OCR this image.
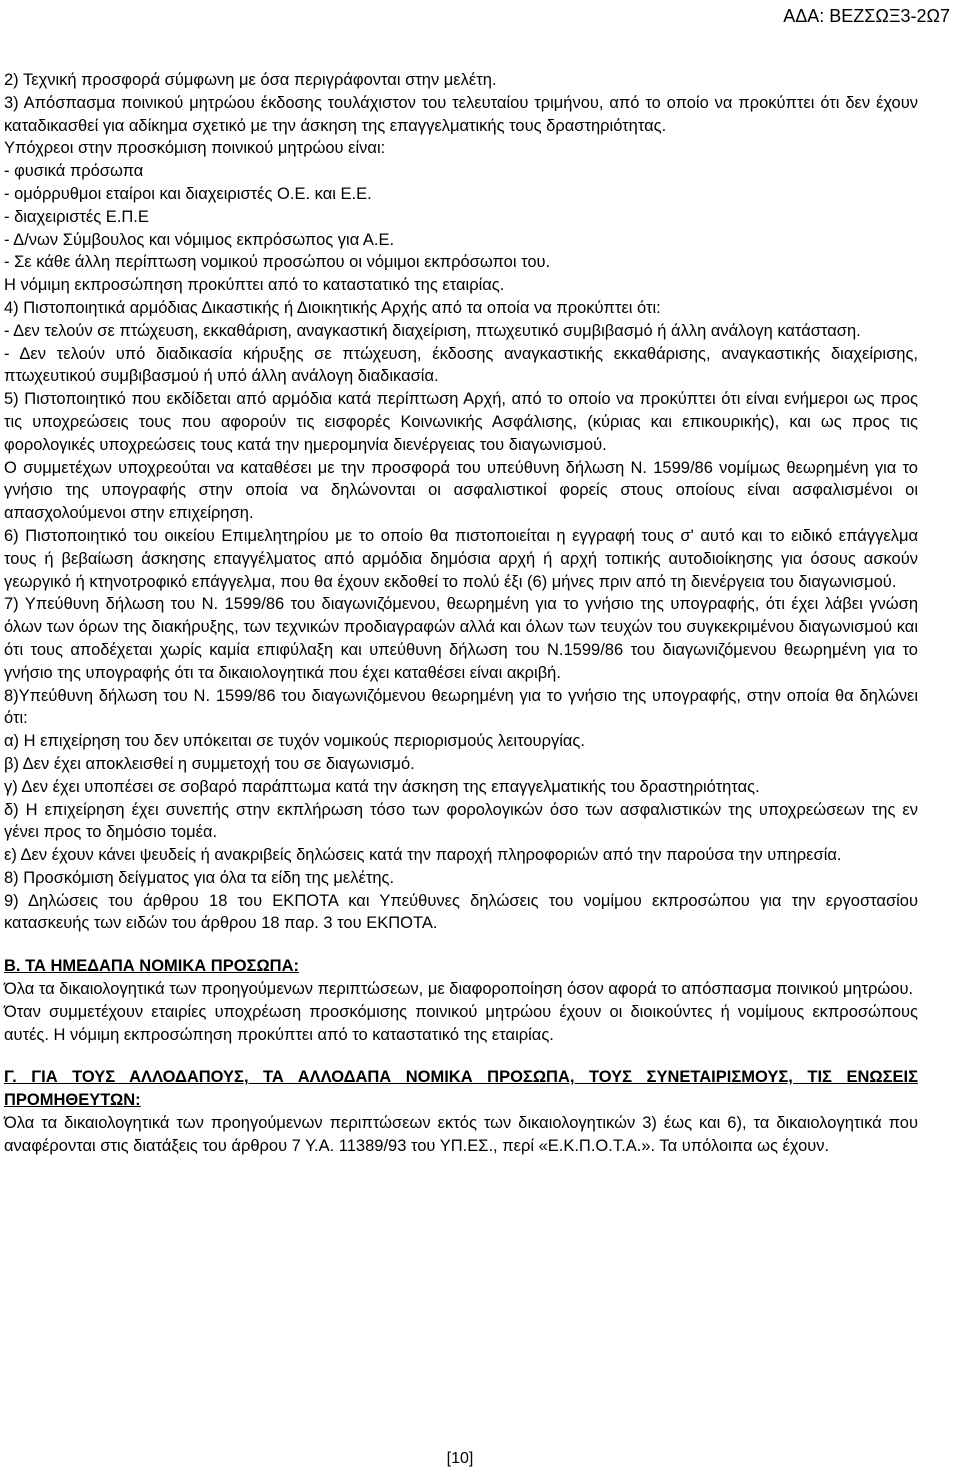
ΑΔΑ: ΒΕΖΣΩΞ3-2Ω7

2) Τεχνική προσφορά σύμφωνη με όσα περιγράφονται στην μελέτη.

3) Απόσπασμα ποινικού μητρώου έκδοσης τουλάχιστον του τελευταίου τριμήνου, από το οποίο να προκύπτει ότι δεν έχουν καταδικασθεί για αδίκημα σχετικό με την άσκηση της επαγγελματικής τους δραστηριότητας.

Υπόχρεοι στην προσκόμιση ποινικού μητρώου είναι:

- φυσικά πρόσωπα

- ομόρρυθμοι εταίροι και διαχειριστές Ο.Ε. και Ε.Ε.

- διαχειριστές Ε.Π.Ε

- Δ/νων Σύμβουλος και νόμιμος εκπρόσωπος για Α.Ε.

- Σε κάθε άλλη περίπτωση νομικού προσώπου οι νόμιμοι εκπρόσωποι του.

Η νόμιμη εκπροσώπηση προκύπτει από το καταστατικό της εταιρίας.

4) Πιστοποιητικά αρμόδιας Δικαστικής ή Διοικητικής Αρχής από τα οποία να προκύπτει ότι:

- Δεν τελούν σε πτώχευση, εκκαθάριση, αναγκαστική διαχείριση, πτωχευτικό συμβιβασμό ή άλλη ανάλογη κατάσταση.

- Δεν τελούν υπό διαδικασία κήρυξης σε πτώχευση, έκδοσης αναγκαστικής εκκαθάρισης, αναγκαστικής διαχείρισης, πτωχευτικού συμβιβασμού ή υπό άλλη ανάλογη διαδικασία.

5) Πιστοποιητικό που εκδίδεται από αρμόδια κατά περίπτωση Αρχή, από το οποίο να προκύπτει ότι είναι ενήμεροι ως προς τις υποχρεώσεις τους που αφορούν τις εισφορές Κοινωνικής Ασφάλισης, (κύριας και επικουρικής), και ως προς τις φορολογικές υποχρεώσεις τους κατά την ημερομηνία διενέργειας του διαγωνισμού.

Ο συμμετέχων υποχρεούται να καταθέσει με την προσφορά του υπεύθυνη δήλωση Ν. 1599/86 νομίμως θεωρημένη για το γνήσιο της υπογραφής στην οποία να δηλώνονται οι ασφαλιστικοί φορείς στους οποίους είναι ασφαλισμένοι οι απασχολούμενοι στην επιχείρηση.

6) Πιστοποιητικό του οικείου Επιμελητηρίου με το οποίο θα πιστοποιείται η εγγραφή τους σ' αυτό και το ειδικό επάγγελμα τους ή βεβαίωση άσκησης επαγγέλματος από αρμόδια δημόσια αρχή ή αρχή τοπικής αυτοδιοίκησης για όσους ασκούν γεωργικό ή κτηνοτροφικό επάγγελμα, που θα έχουν εκδοθεί το πολύ έξι (6) μήνες πριν από τη διενέργεια του διαγωνισμού.

7) Υπεύθυνη δήλωση του Ν. 1599/86 του διαγωνιζόμενου, θεωρημένη για το γνήσιο της υπογραφής, ότι έχει λάβει γνώση όλων των όρων της διακήρυξης, των τεχνικών προδιαγραφών αλλά και όλων των τευχών του συγκεκριμένου διαγωνισμού και ότι τους αποδέχεται χωρίς καμία επιφύλαξη και υπεύθυνη δήλωση του Ν.1599/86 του διαγωνιζόμενου θεωρημένη για το γνήσιο της υπογραφής ότι τα δικαιολογητικά που έχει καταθέσει είναι ακριβή.

8)Υπεύθυνη δήλωση του Ν. 1599/86 του διαγωνιζόμενου θεωρημένη για το γνήσιο της υπογραφής, στην οποία θα δηλώνει ότι:

α) Η επιχείρηση του δεν υπόκειται σε τυχόν νομικούς περιορισμούς λειτουργίας.

β) Δεν έχει αποκλεισθεί η συμμετοχή του σε διαγωνισμό.

γ) Δεν έχει υποπέσει σε σοβαρό παράπτωμα κατά την άσκηση της επαγγελματικής του δραστηριότητας.

δ) Η επιχείρηση έχει συνεπής στην εκπλήρωση τόσο των φορολογικών όσο των ασφαλιστικών της υποχρεώσεων της εν γένει προς το δημόσιο τομέα.

ε) Δεν έχουν κάνει ψευδείς ή ανακριβείς δηλώσεις κατά την παροχή πληροφοριών από την παρούσα την υπηρεσία.

8) Προσκόμιση δείγματος για όλα τα είδη της μελέτης.

9) Δηλώσεις του άρθρου 18 του ΕΚΠΟΤΑ και Υπεύθυνες δηλώσεις του νομίμου εκπροσώπου για την εργοστασίου κατασκευής των ειδών του άρθρου 18 παρ. 3 του ΕΚΠΟΤΑ.

Β. ΤΑ ΗΜΕΔΑΠΑ ΝΟΜΙΚΑ ΠΡΟΣΩΠΑ:

Όλα τα δικαιολογητικά των προηγούμενων περιπτώσεων, με διαφοροποίηση όσον αφορά το απόσπασμα ποινικού μητρώου.

Όταν συμμετέχουν εταιρίες υποχρέωση προσκόμισης ποινικού μητρώου έχουν οι διοικούντες ή νομίμους εκπροσώπους αυτές. Η νόμιμη εκπροσώπηση προκύπτει από το καταστατικό της εταιρίας.

Γ. ΓΙΑ ΤΟΥΣ ΑΛΛΟΔΑΠΟΥΣ, ΤΑ ΑΛΛΟΔΑΠΑ ΝΟΜΙΚΑ ΠΡΟΣΩΠΑ, ΤΟΥΣ ΣΥΝΕΤΑΙΡΙΣΜΟΥΣ, ΤΙΣ ΕΝΩΣΕΙΣ ΠΡΟΜΗΘΕΥΤΩΝ:

Όλα τα δικαιολογητικά των προηγούμενων περιπτώσεων εκτός των δικαιολογητικών 3) έως και 6), τα δικαιολογητικά που αναφέρονται στις διατάξεις του άρθρου 7 Υ.Α. 11389/93 του ΥΠ.ΕΣ., περί «Ε.Κ.Π.Ο.Τ.Α.». Τα υπόλοιπα ως έχουν.

[10]
